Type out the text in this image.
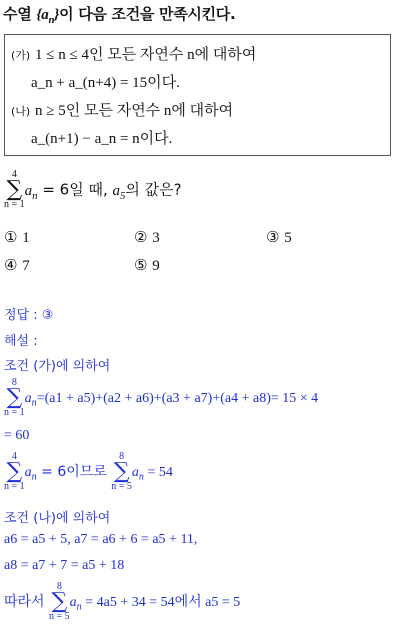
수열 $\{a_n\}$이 다음 조건을 만족시킨다.
(가) 1 ≤ n ≤ 4인 모든 자연수 n에 대하여
a_n + a_(n+4) = 15이다.
(나) n ≥ 5인 모든 자연수 n에 대하여
a_(n+1) − a_n = n이다.
4
∑
n = 1
$a_n = 6$일 때, $a_5$의 값은?
① 1	② 3	③ 5
④ 7	⑤ 9
정답 : ③
해설 :
조건 (가)에 의하여
8
∑
n = 1
$a_n=(a1 + a5)+(a2 + a6)+(a3 + a7)+(a4 + a8)= 15 \times 4$
= 60
4
∑
n = 1
$a_n = 6$이므로
8
∑
n = 5
$a_n = 54$
조건 (나)에 의하여
a6 = a5 + 5, a7 = a6 + 6 = a5 + 11,
a8 = a7 + 7 = a5 + 18
따라서
8
∑
n = 5
$a_n = 4a5 + 34 = 54$에서 a5 = 5
